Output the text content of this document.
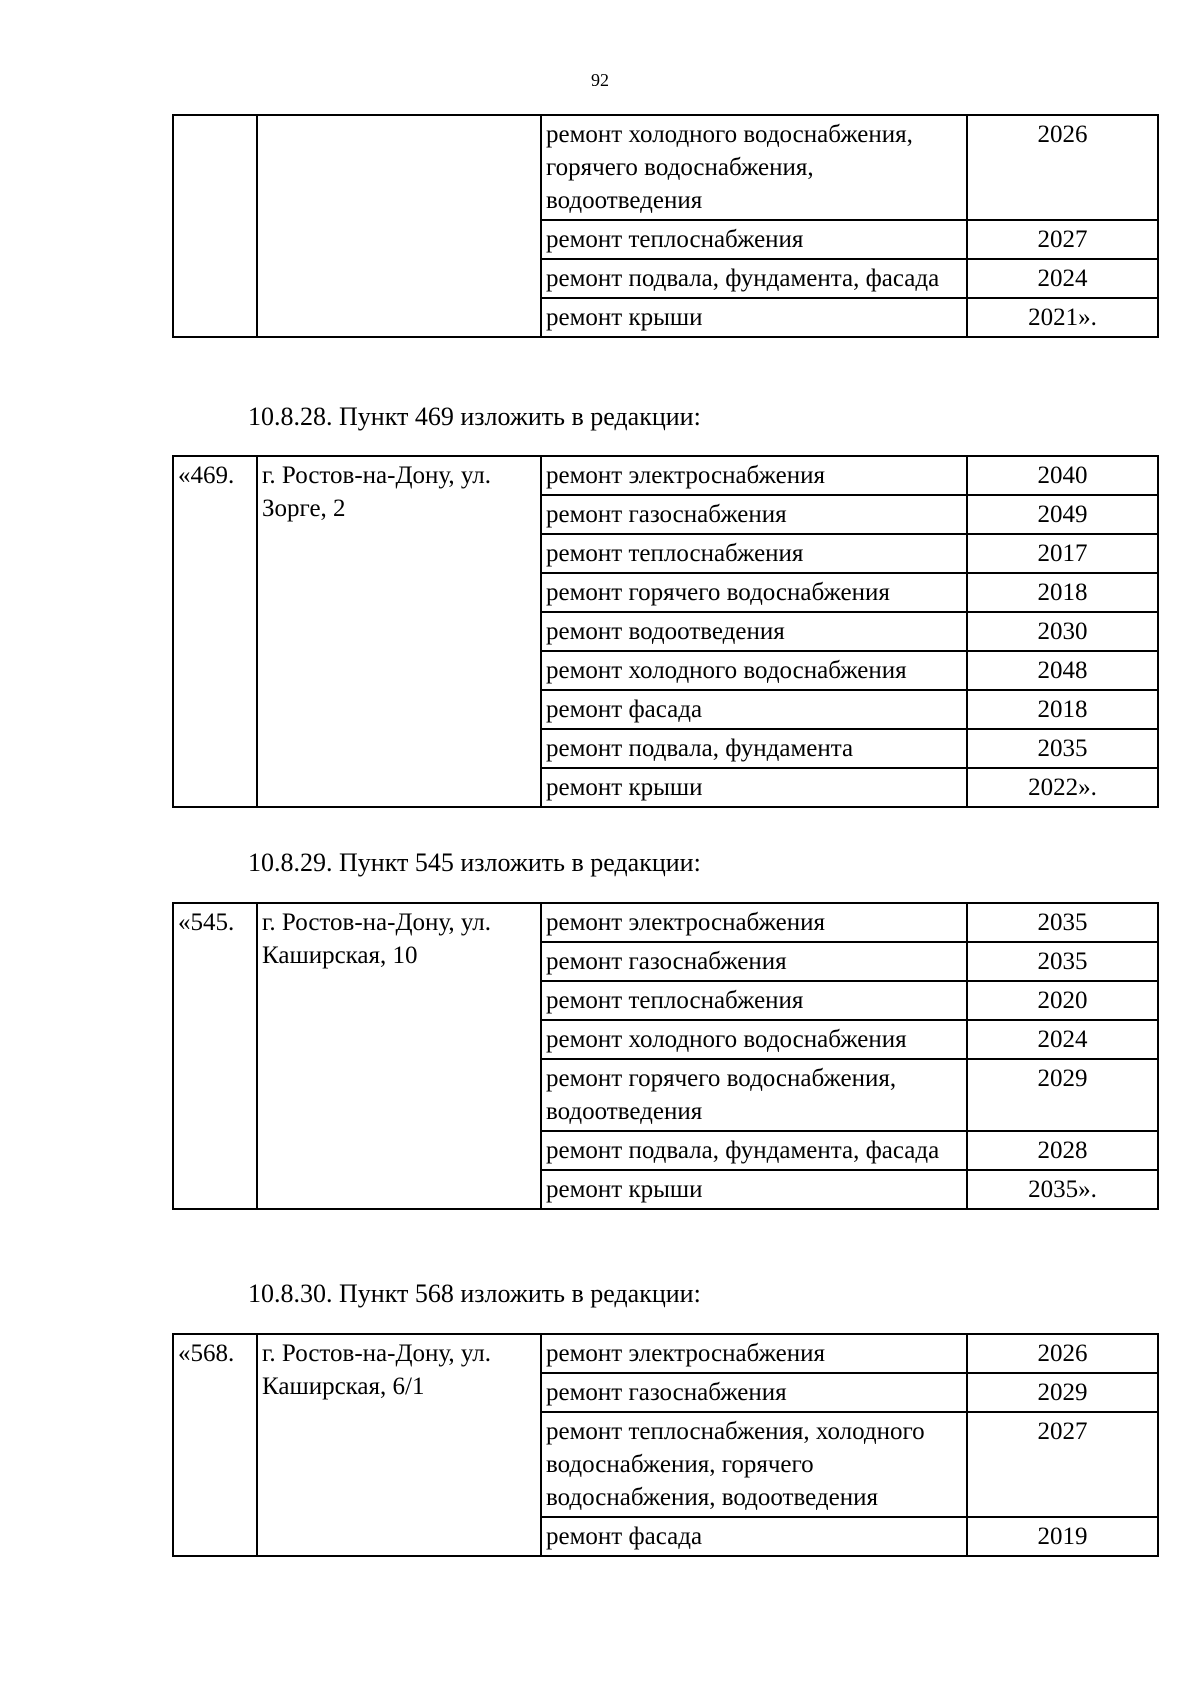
92
		ремонт холодного водоснабжения, горячего водоснабжения, водоотведения	2026
		ремонт теплоснабжения	2027
		ремонт подвала, фундамента, фасада	2024
		ремонт крыши	2021».
10.8.28. Пункт 469 изложить в редакции:
«469.	г. Ростов-на-Дону, ул. Зорге, 2	ремонт электроснабжения	2040
		ремонт газоснабжения	2049
		ремонт теплоснабжения	2017
		ремонт горячего водоснабжения	2018
		ремонт водоотведения	2030
		ремонт холодного водоснабжения	2048
		ремонт фасада	2018
		ремонт подвала, фундамента	2035
		ремонт крыши	2022».
10.8.29. Пункт 545 изложить в редакции:
«545.	г. Ростов-на-Дону, ул. Каширская, 10	ремонт электроснабжения	2035
		ремонт газоснабжения	2035
		ремонт теплоснабжения	2020
		ремонт холодного водоснабжения	2024
		ремонт горячего водоснабжения, водоотведения	2029
		ремонт подвала, фундамента, фасада	2028
		ремонт крыши	2035».
10.8.30. Пункт 568 изложить в редакции:
«568.	г. Ростов-на-Дону, ул. Каширская, 6/1	ремонт электроснабжения	2026
		ремонт газоснабжения	2029
		ремонт теплоснабжения, холодного водоснабжения, горячего водоснабжения, водоотведения	2027
		ремонт фасада	2019
